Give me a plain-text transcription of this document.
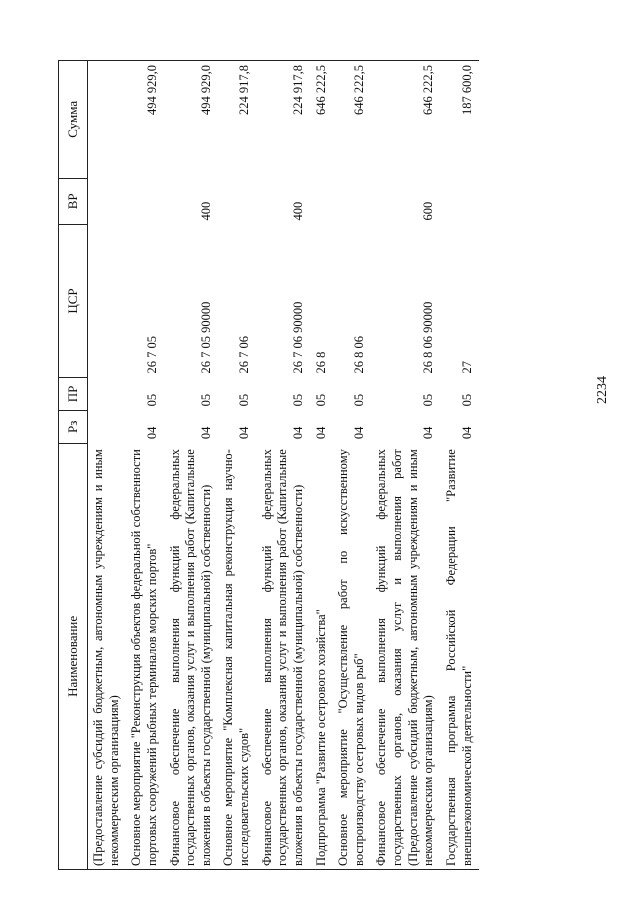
2234
Наименование	Рз	ПР	ЦСР	ВР	Сумма
(Предоставление субсидий бюджетным, автономным учреждениям и иным некоммерческим организациям)					
Основное мероприятие "Реконструкция объектов федеральной собственности портовых сооружений рыбных терминалов морских портов"	04	05	26 7 05		494 929,0
Финансовое обеспечение выполнения функций федеральных государственных органов, оказания услуг и выполнения работ (Капитальные вложения в объекты государственной (муниципальной) собственности)	04	05	26 7 05 90000	400	494 929,0
Основное мероприятие "Комплексная капитальная реконструкция научно-исследовательских судов"	04	05	26 7 06		224 917,8
Финансовое обеспечение выполнения функций федеральных государственных органов, оказания услуг и выполнения работ (Капитальные вложения в объекты государственной (муниципальной) собственности)	04	05	26 7 06 90000	400	224 917,8
Подпрограмма "Развитие осетрового хозяйства"	04	05	26 8		646 222,5
Основное мероприятие "Осуществление работ по искусственному воспроизводству осетровых видов рыб"	04	05	26 8 06		646 222,5
Финансовое обеспечение выполнения функций федеральных государственных органов, оказания услуг и выполнения работ (Предоставление субсидий бюджетным, автономным учреждениям и иным некоммерческим организациям)	04	05	26 8 06 90000	600	646 222,5
Государственная программа Российской Федерации "Развитие внешнеэкономической деятельности"	04	05	27		187 600,0
